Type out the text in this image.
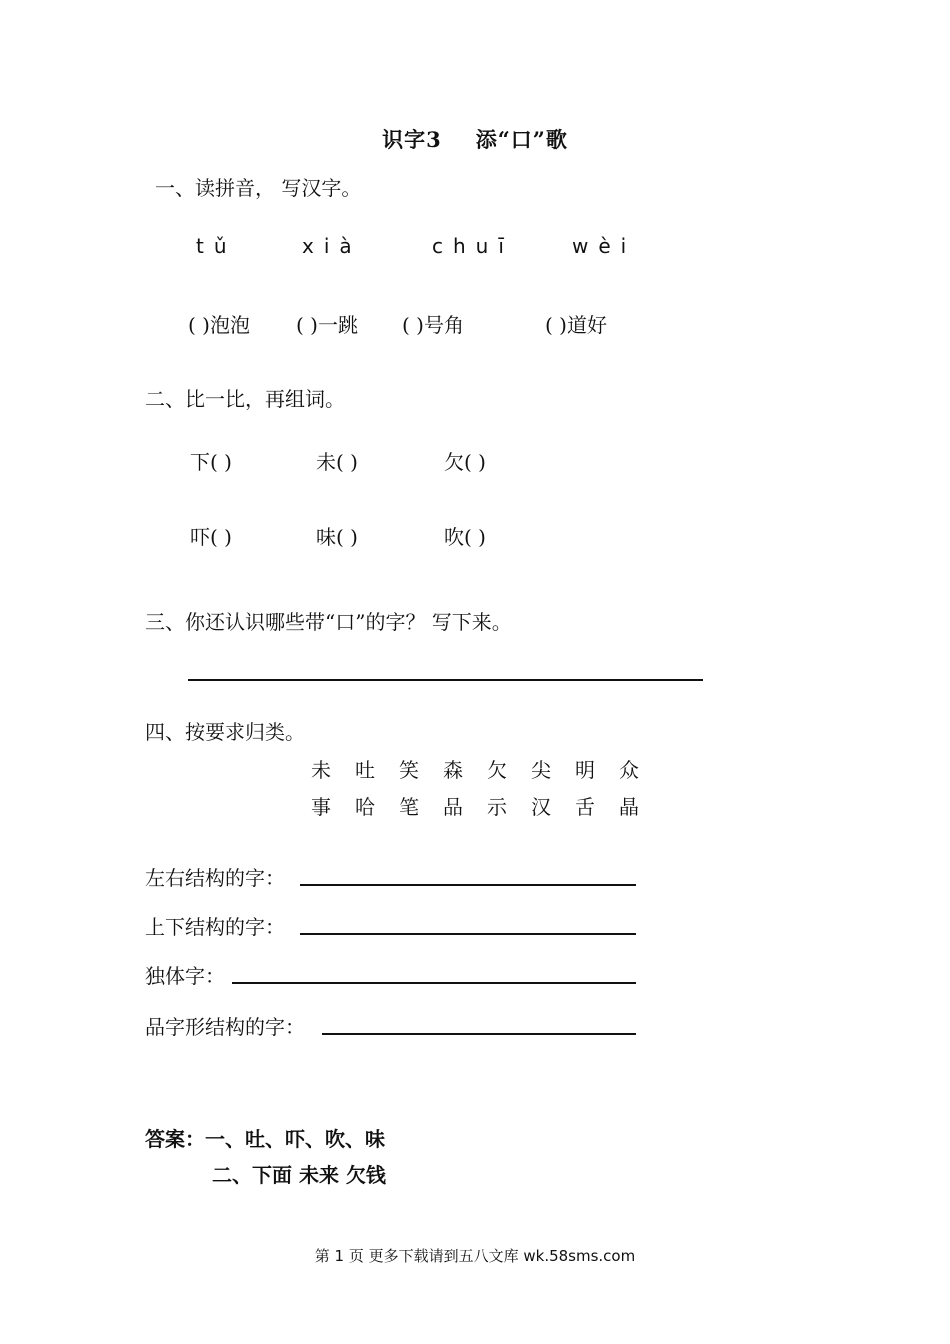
识字3 添“口”歌
一、读拼音， 写汉字。
tǔ	xià	chuī	wèi
( )泡泡 ( )一跳 ( )号角	( )道好
二、比一比，再组词。
下( )	未( )	欠( )
吓( )	味( )	吹( )
三、你还认识哪些带“口”的字？ 写下来。
四、按要求归类。
未 吐 笑 森 欠 尖 明 众
事 哈 笔 品 示 汉 舌 晶
左右结构的字：
上下结构的字：
独体字：
品字形结构的字：
答案：一、吐、吓、吹、味
二、下面 未来 欠钱
第 1 页 更多下载请到五八文库 wk.58sms.com
